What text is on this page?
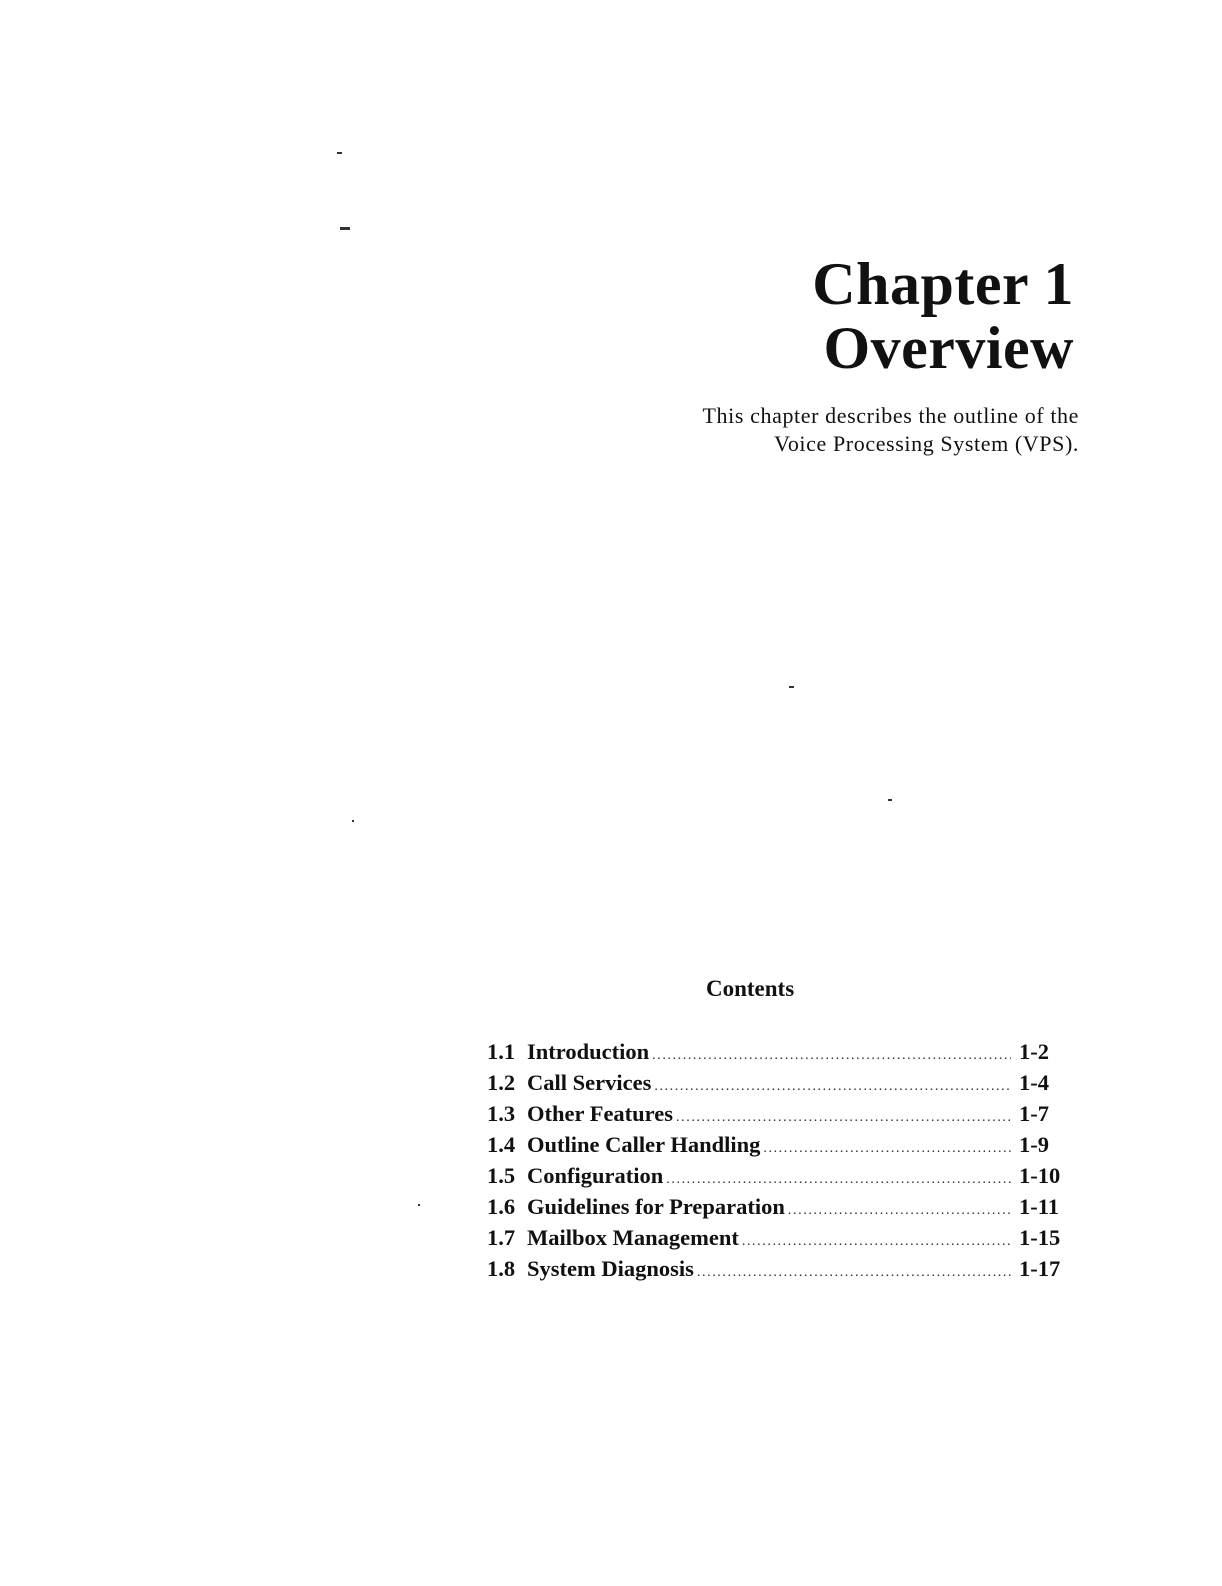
Chapter 1
Overview
This chapter describes the outline of the
Voice Processing System (VPS).
Contents
1.1 Introduction .....	1-2
1.2 Call Services .....	1-4
1.3 Other Features .....	1-7
1.4 Outline Caller Handling .....	1-9
1.5 Configuration .....	1-10
1.6 Guidelines for Preparation .....	1-11
1.7 Mailbox Management .....	1-15
1.8 System Diagnosis .....	1-17
